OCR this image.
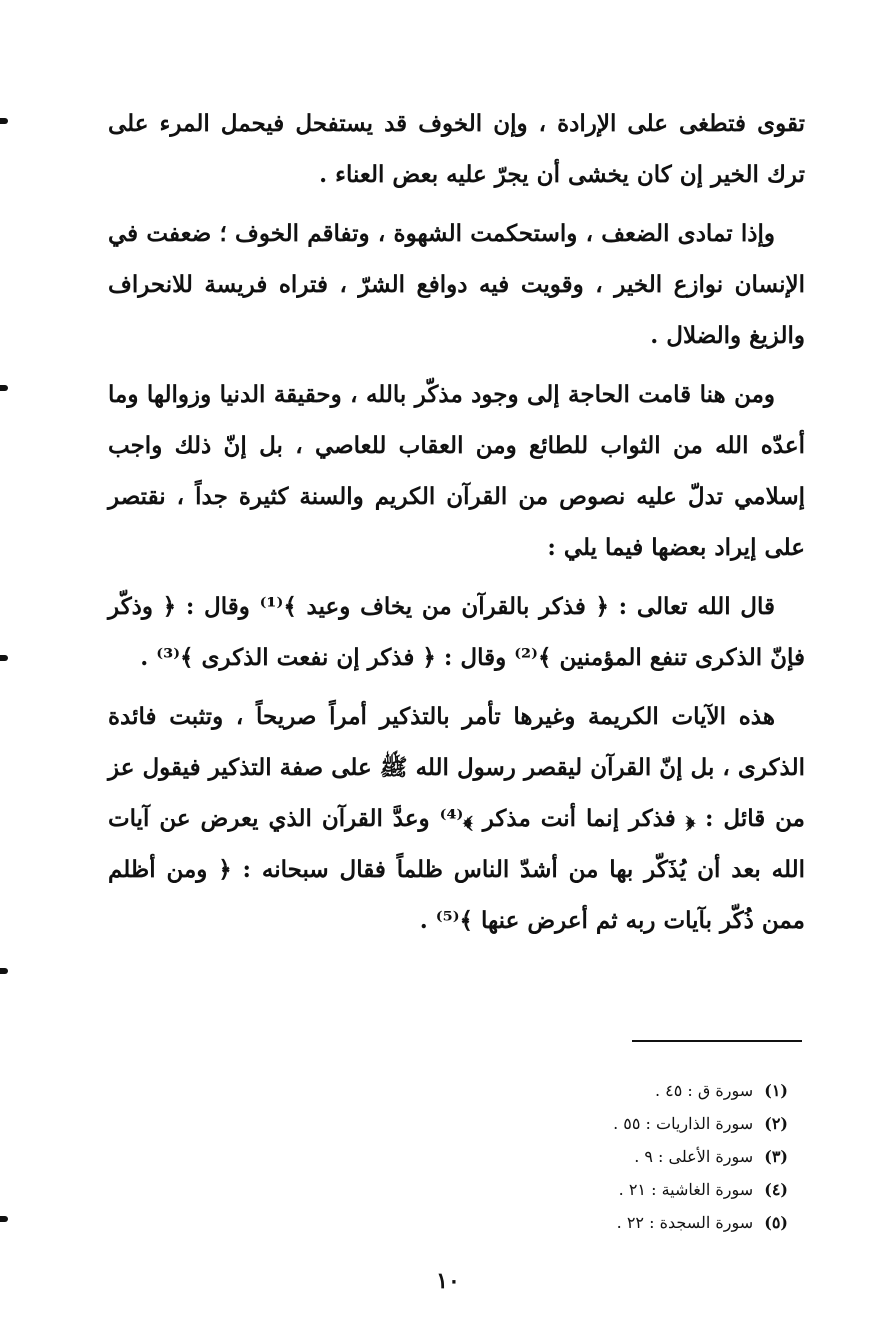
تقوى فتطغى على الإرادة ، وإن الخوف قد يستفحل فيحمل المرء على ترك الخير إن كان يخشى أن يجرّ عليه بعض العناء .

وإذا تمادى الضعف ، واستحكمت الشهوة ، وتفاقم الخوف ؛ ضعفت في الإنسان نوازع الخير ، وقويت فيه دوافع الشرّ ، فتراه فريسة للانحراف والزيغ والضلال .

ومن هنا قامت الحاجة إلى وجود مذكّر بالله ، وحقيقة الدنيا وزوالها وما أعدّه الله من الثواب للطائع ومن العقاب للعاصي ، بل إنّ ذلك واجب إسلامي تدلّ عليه نصوص من القرآن الكريم والسنة كثيرة جداً ، نقتصر على إيراد بعضها فيما يلي :

قال الله تعالى : ﴿ فذكر بالقرآن من يخاف وعيد ﴾⁽¹⁾ وقال : ﴿ وذكّر فإنّ الذكرى تنفع المؤمنين ﴾⁽²⁾ وقال : ﴿ فذكر إن نفعت الذكرى ﴾⁽³⁾ .

هذه الآيات الكريمة وغيرها تأمر بالتذكير أمراً صريحاً ، وتثبت فائدة الذكرى ، بل إنّ القرآن ليقصر رسول الله ﷺ على صفة التذكير فيقول عز من قائل : ﴿ فذكر إنما أنت مذكر ﴾⁽⁴⁾ وعدَّ القرآن الذي يعرض عن آيات الله بعد أن يُذَكّر بها من أشدّ الناس ظلماً فقال سبحانه : ﴿ ومن أظلم ممن ذُكّر بآيات ربه ثم أعرض عنها ﴾⁽⁵⁾ .

(١) سورة ق : ٤٥ .
(٢) سورة الذاريات : ٥٥ .
(٣) سورة الأعلى : ٩ .
(٤) سورة الغاشية : ٢١ .
(٥) سورة السجدة : ٢٢ .
١٠
